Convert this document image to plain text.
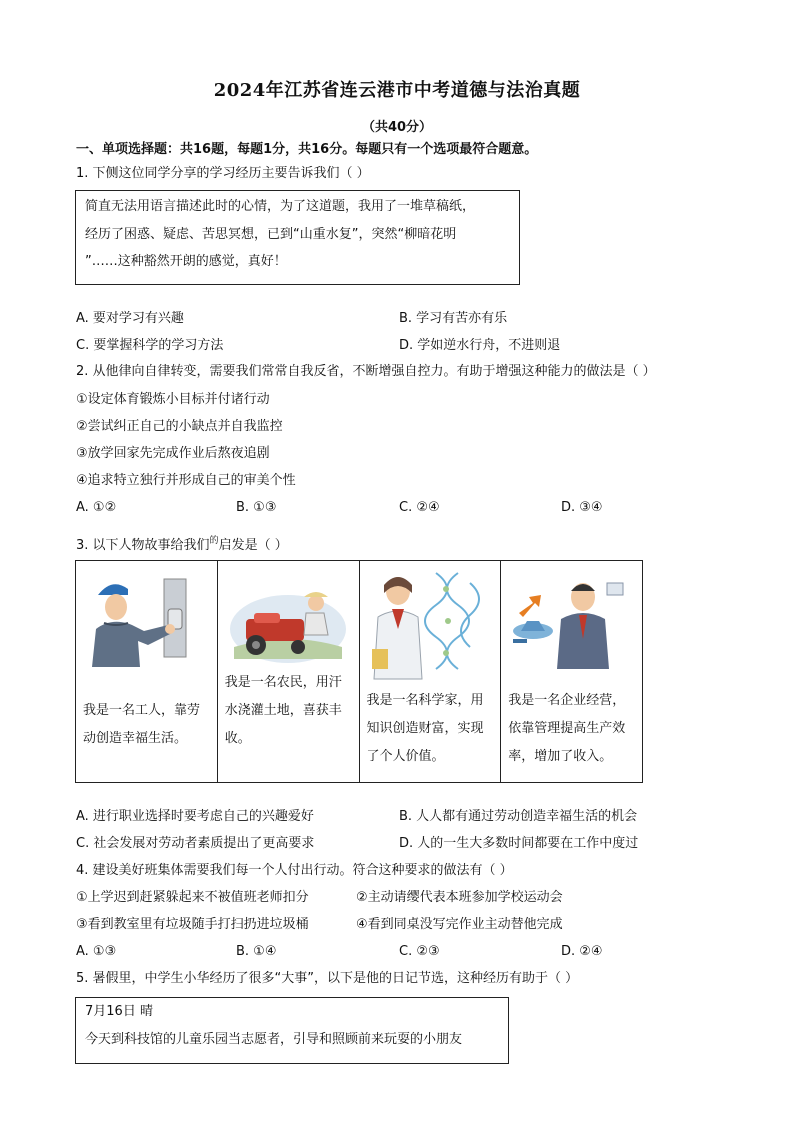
2024年江苏省连云港市中考道德与法治真题
（共40分）
一、单项选择题：共16题，每题1分，共16分。每题只有一个选项最符合题意。
1. 下侧这位同学分享的学习经历主要告诉我们（ ）
简直无法用语言描述此时的心情，为了这道题，我用了一堆草稿纸，
经历了困惑、疑虑、苦思冥想，已到“山重水复”，突然“柳暗花明
”……这种豁然开朗的感觉，真好！
A. 要对学习有兴趣	B. 学习有苦亦有乐
C. 要掌握科学的学习方法	D. 学如逆水行舟，不进则退
2. 从他律向自律转变，需要我们常常自我反省，不断增强自控力。有助于增强这种能力的做法是（ ）
①设定体育锻炼小目标并付诸行动
②尝试纠正自己的小缺点并自我监控
③放学回家先完成作业后熬夜追剧
④追求特立独行并形成自己的审美个性
A. ①②	B. ①③	C. ②④	D. ③④
3. 以下人物故事给我们$^的$启发是（ ）
我是一名工人，靠劳动创造幸福生活。
我是一名农民，用汗水浇灌土地，喜获丰收。
我是一名科学家，用知识创造财富，实现了个人价值。
我是一名企业经营，依靠管理提高生产效率，增加了收入。
A. 进行职业选择时要考虑自己的兴趣爱好	B. 人人都有通过劳动创造幸福生活的机会
C. 社会发展对劳动者素质提出了更高要求	D. 人的一生大多数时间都要在工作中度过
4. 建设美好班集体需要我们每一个人付出行动。符合这种要求的做法有（ ）
①上学迟到赶紧躲起来不被值班老师扣分	②主动请缨代表本班参加学校运动会
③看到教室里有垃圾随手打扫扔进垃圾桶	④看到同桌没写完作业主动替他完成
A. ①③	B. ①④	C. ②③	D. ②④
5. 暑假里，中学生小华经历了很多“大事”，以下是他的日记节选，这种经历有助于（ ）
7月16日 晴
今天到科技馆的儿童乐园当志愿者，引导和照顾前来玩耍的小朋友
